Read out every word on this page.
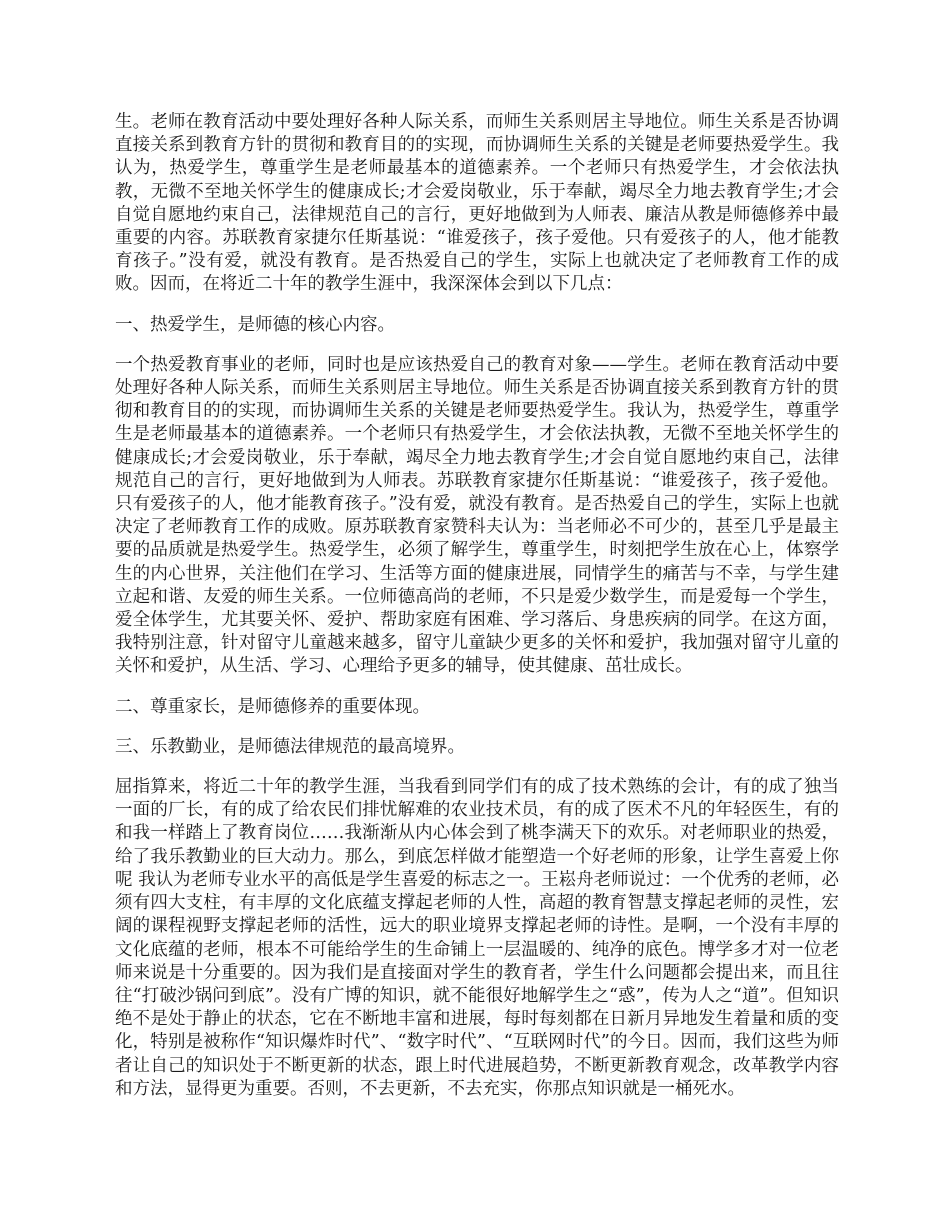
生。老师在教育活动中要处理好各种人际关系，而师生关系则居主导地位。师生关系是否协调直接关系到教育方针的贯彻和教育目的的实现，而协调师生关系的关键是老师要热爱学生。我认为，热爱学生，尊重学生是老师最基本的道德素养。一个老师只有热爱学生，才会依法执教，无微不至地关怀学生的健康成长;才会爱岗敬业，乐于奉献，竭尽全力地去教育学生;才会自觉自愿地约束自己，法律规范自己的言行，更好地做到为人师表、廉洁从教是师德修养中最重要的内容。苏联教育家捷尔任斯基说：“谁爱孩子，孩子爱他。只有爱孩子的人，他才能教育孩子。”没有爱，就没有教育。是否热爱自己的学生，实际上也就决定了老师教育工作的成败。因而，在将近二十年的教学生涯中，我深深体会到以下几点：

一、热爱学生，是师德的核心内容。

一个热爱教育事业的老师，同时也是应该热爱自己的教育对象——学生。老师在教育活动中要处理好各种人际关系，而师生关系则居主导地位。师生关系是否协调直接关系到教育方针的贯彻和教育目的的实现，而协调师生关系的关键是老师要热爱学生。我认为，热爱学生，尊重学生是老师最基本的道德素养。一个老师只有热爱学生，才会依法执教，无微不至地关怀学生的健康成长;才会爱岗敬业，乐于奉献，竭尽全力地去教育学生;才会自觉自愿地约束自己，法律规范自己的言行，更好地做到为人师表。苏联教育家捷尔任斯基说：“谁爱孩子，孩子爱他。只有爱孩子的人，他才能教育孩子。”没有爱，就没有教育。是否热爱自己的学生，实际上也就决定了老师教育工作的成败。原苏联教育家赞科夫认为：当老师必不可少的，甚至几乎是最主要的品质就是热爱学生。热爱学生，必须了解学生，尊重学生，时刻把学生放在心上，体察学生的内心世界，关注他们在学习、生活等方面的健康进展，同情学生的痛苦与不幸，与学生建立起和谐、友爱的师生关系。一位师德高尚的老师，不只是爱少数学生，而是爱每一个学生，爱全体学生，尤其要关怀、爱护、帮助家庭有困难、学习落后、身患疾病的同学。在这方面，我特别注意，针对留守儿童越来越多，留守儿童缺少更多的关怀和爱护，我加强对留守儿童的关怀和爱护，从生活、学习、心理给予更多的辅导，使其健康、茁壮成长。

二、尊重家长，是师德修养的重要体现。

三、乐教勤业，是师德法律规范的最高境界。

屈指算来，将近二十年的教学生涯，当我看到同学们有的成了技术熟练的会计，有的成了独当一面的厂长，有的成了给农民们排忧解难的农业技术员，有的成了医术不凡的年轻医生，有的和我一样踏上了教育岗位……我渐渐从内心体会到了桃李满天下的欢乐。对老师职业的热爱，给了我乐教勤业的巨大动力。那么，到底怎样做才能塑造一个好老师的形象，让学生喜爱上你呢 我认为老师专业水平的高低是学生喜爱的标志之一。王崧舟老师说过：一个优秀的老师，必须有四大支柱，有丰厚的文化底蕴支撑起老师的人性，高超的教育智慧支撑起老师的灵性，宏阔的课程视野支撑起老师的活性，远大的职业境界支撑起老师的诗性。是啊，一个没有丰厚的文化底蕴的老师，根本不可能给学生的生命铺上一层温暖的、纯净的底色。博学多才对一位老师来说是十分重要的。因为我们是直接面对学生的教育者，学生什么问题都会提出来，而且往往“打破沙锅问到底”。没有广博的知识，就不能很好地解学生之“惑”，传为人之“道”。但知识绝不是处于静止的状态，它在不断地丰富和进展，每时每刻都在日新月异地发生着量和质的变化，特别是被称作“知识爆炸时代”、“数字时代”、“互联网时代”的今日。因而，我们这些为师者让自己的知识处于不断更新的状态，跟上时代进展趋势，不断更新教育观念，改革教学内容和方法，显得更为重要。否则，不去更新，不去充实，你那点知识就是一桶死水。
